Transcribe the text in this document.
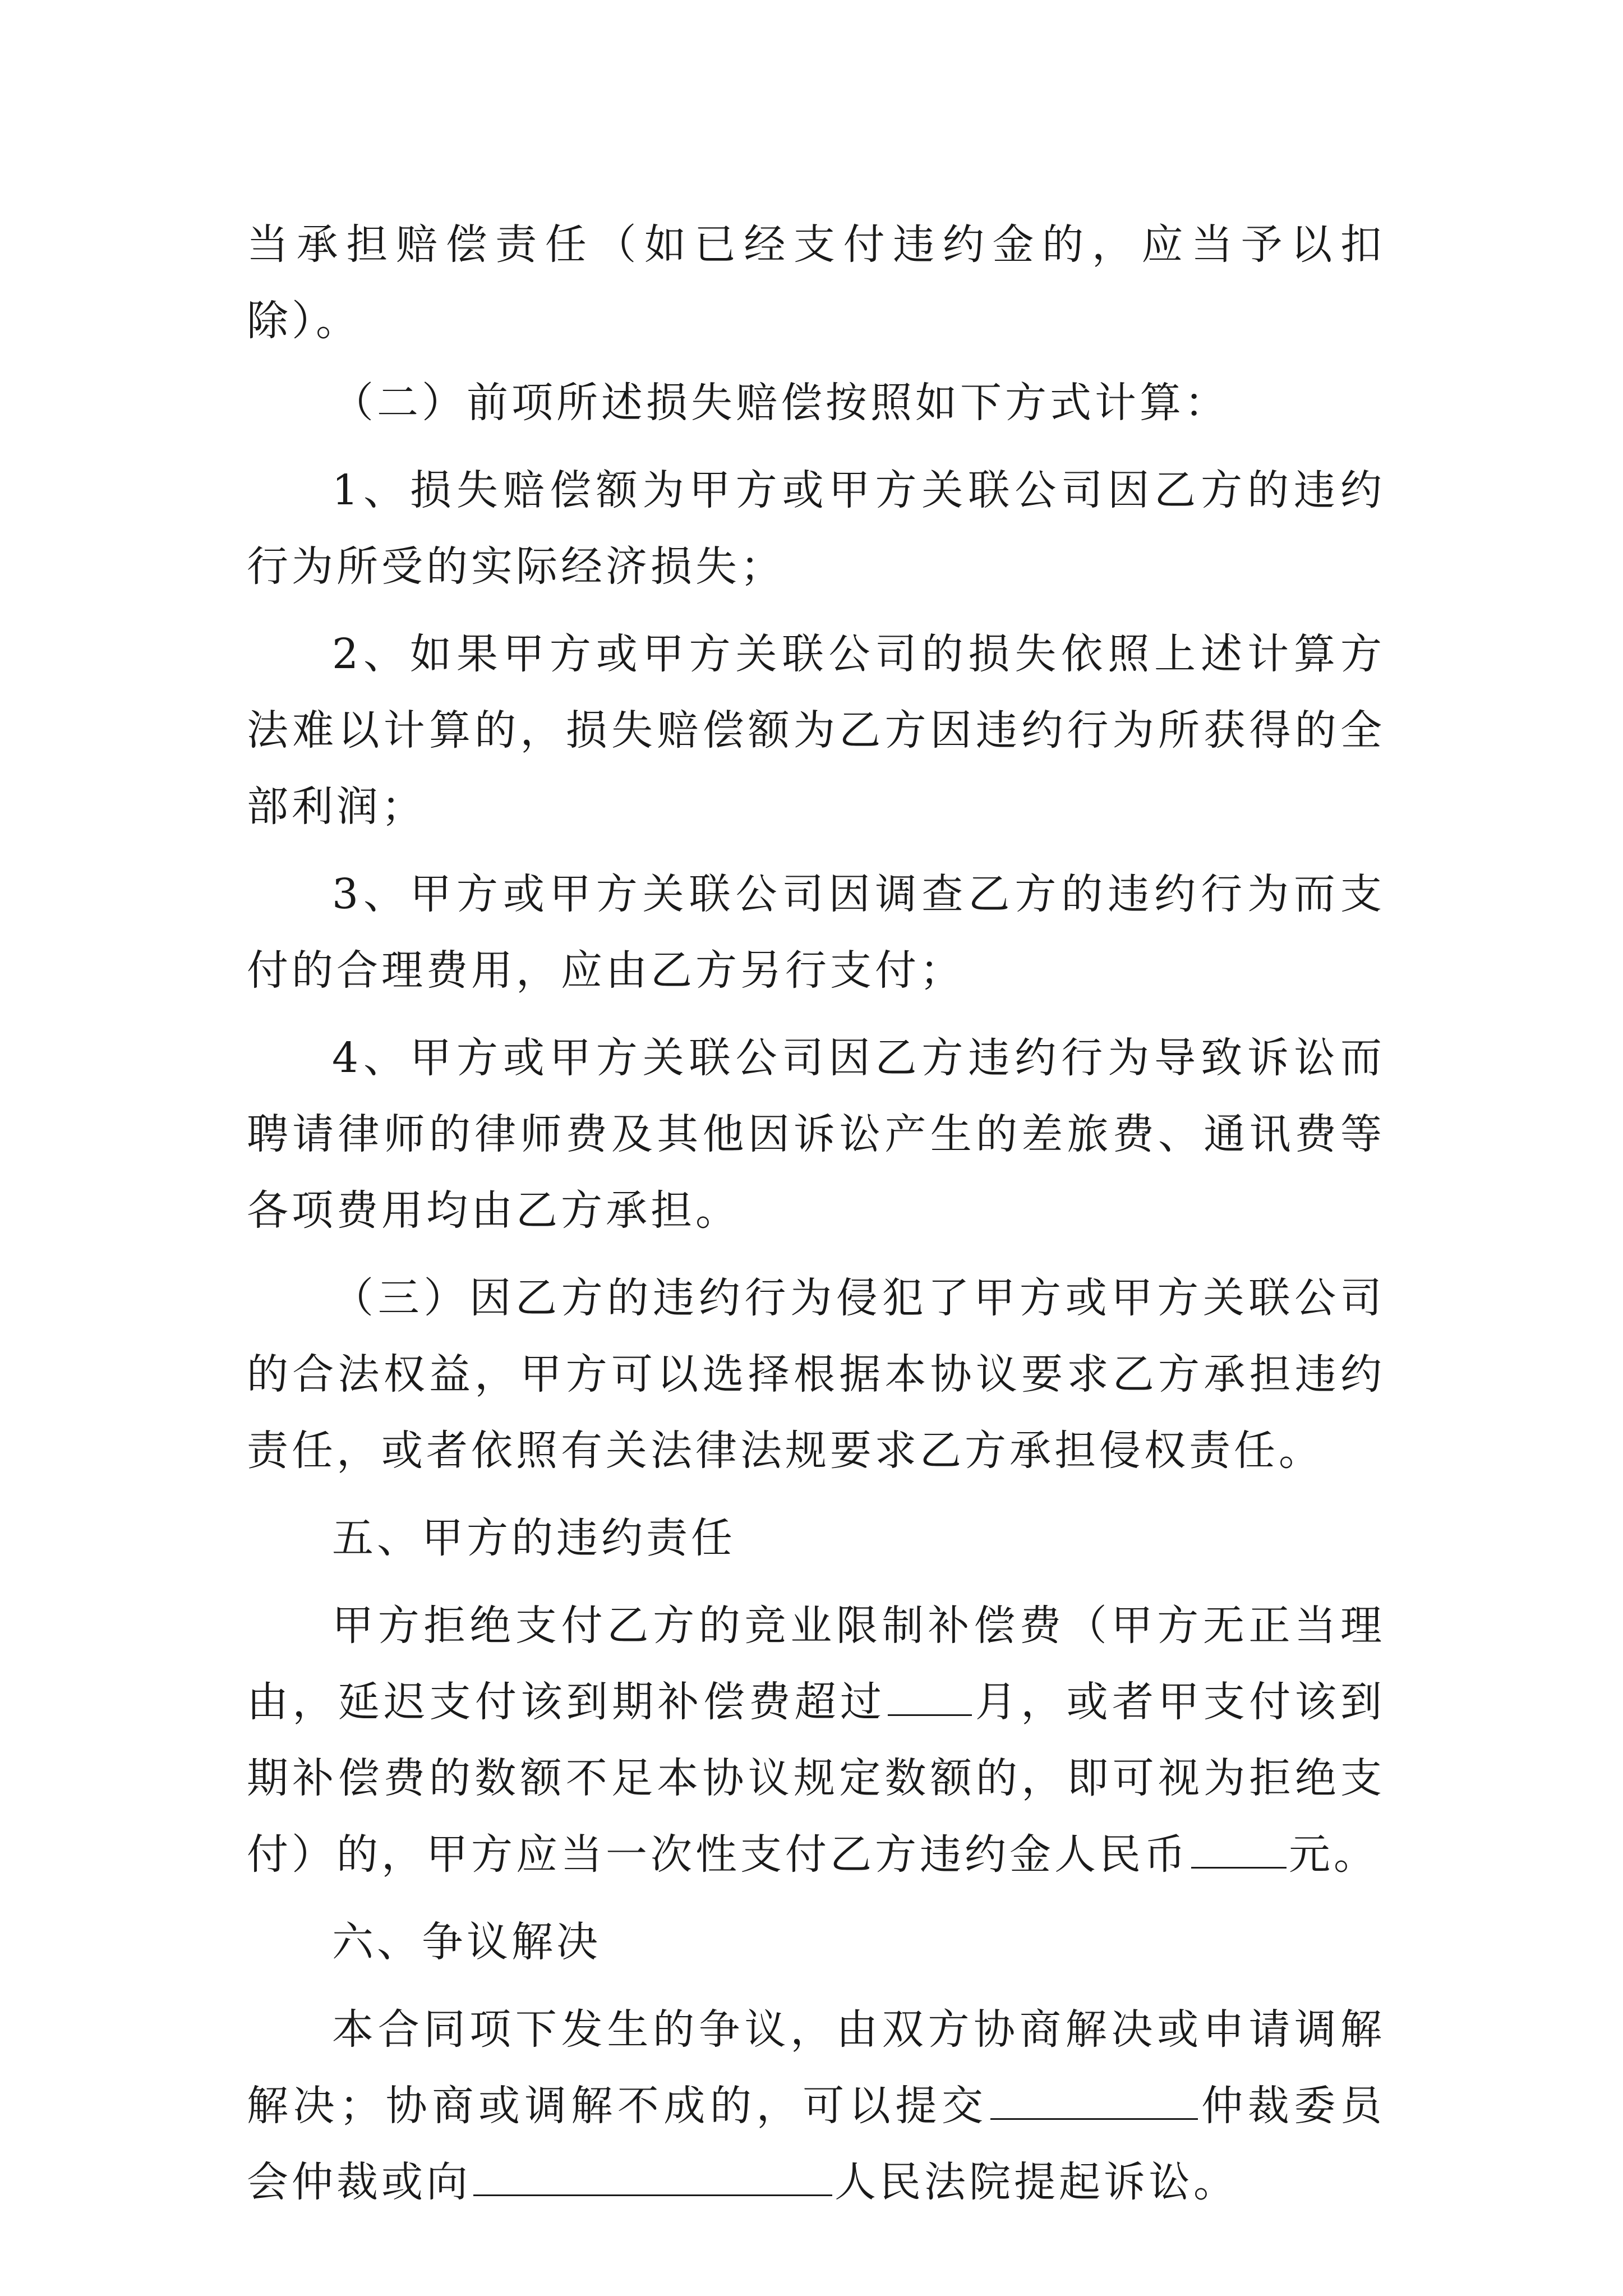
当承担赔偿责任（如已经支付违约金的，应当予以扣除）。

（二）前项所述损失赔偿按照如下方式计算：

1、损失赔偿额为甲方或甲方关联公司因乙方的违约行为所受的实际经济损失；

2、如果甲方或甲方关联公司的损失依照上述计算方法难以计算的，损失赔偿额为乙方因违约行为所获得的全部利润；

3、甲方或甲方关联公司因调查乙方的违约行为而支付的合理费用，应由乙方另行支付；

4、甲方或甲方关联公司因乙方违约行为导致诉讼而聘请律师的律师费及其他因诉讼产生的差旅费、通讯费等各项费用均由乙方承担。

（三）因乙方的违约行为侵犯了甲方或甲方关联公司的合法权益，甲方可以选择根据本协议要求乙方承担违约责任，或者依照有关法律法规要求乙方承担侵权责任。

五、甲方的违约责任

甲方拒绝支付乙方的竞业限制补偿费（甲方无正当理由，延迟支付该到期补偿费超过 月，或者甲支付该到期补偿费的数额不足本协议规定数额的，即可视为拒绝支付）的，甲方应当一次性支付乙方违约金人民币 元。

六、争议解决

本合同项下发生的争议，由双方协商解决或申请调解解决；协商或调解不成的，可以提交	仲裁委员会仲裁或向	人民法院提起诉讼。
